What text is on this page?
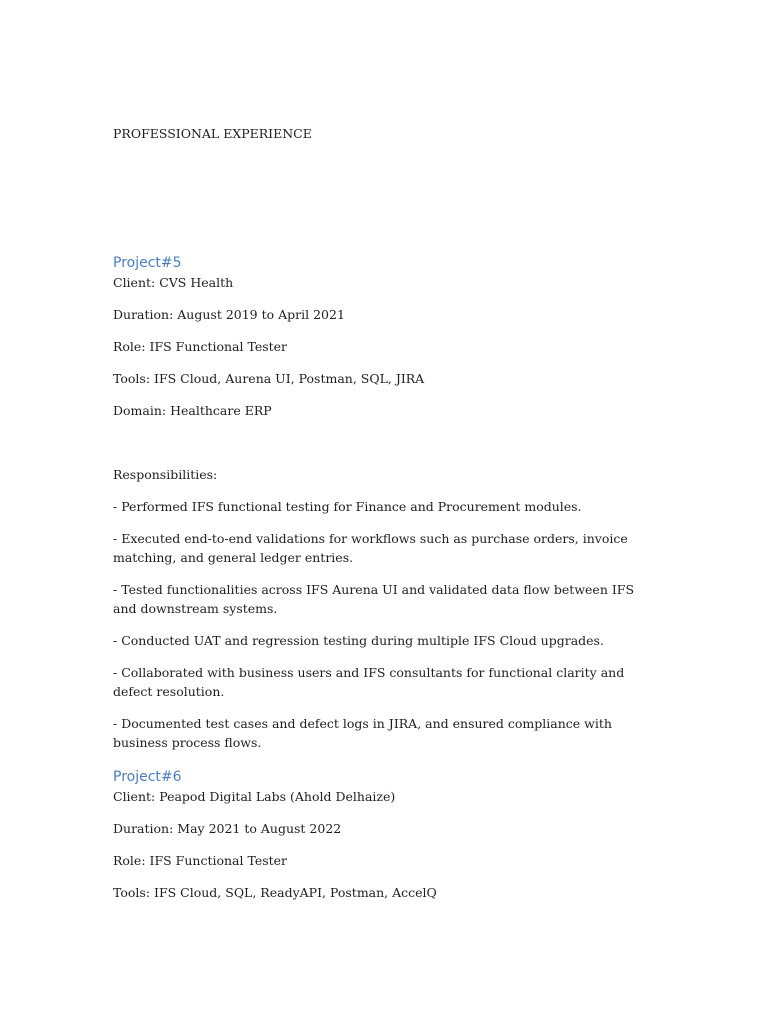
PROFESSIONAL EXPERIENCE
Project#5
Client: CVS Health
Duration: August 2019 to April 2021
Role: IFS Functional Tester
Tools: IFS Cloud, Aurena UI, Postman, SQL, JIRA
Domain: Healthcare ERP
Responsibilities:
- Performed IFS functional testing for Finance and Procurement modules.
- Executed end-to-end validations for workflows such as purchase orders, invoice matching, and general ledger entries.
- Tested functionalities across IFS Aurena UI and validated data flow between IFS and downstream systems.
- Conducted UAT and regression testing during multiple IFS Cloud upgrades.
- Collaborated with business users and IFS consultants for functional clarity and defect resolution.
- Documented test cases and defect logs in JIRA, and ensured compliance with business process flows.
Project#6
Client: Peapod Digital Labs (Ahold Delhaize)
Duration: May 2021 to August 2022
Role: IFS Functional Tester
Tools: IFS Cloud, SQL, ReadyAPI, Postman, AccelQ
